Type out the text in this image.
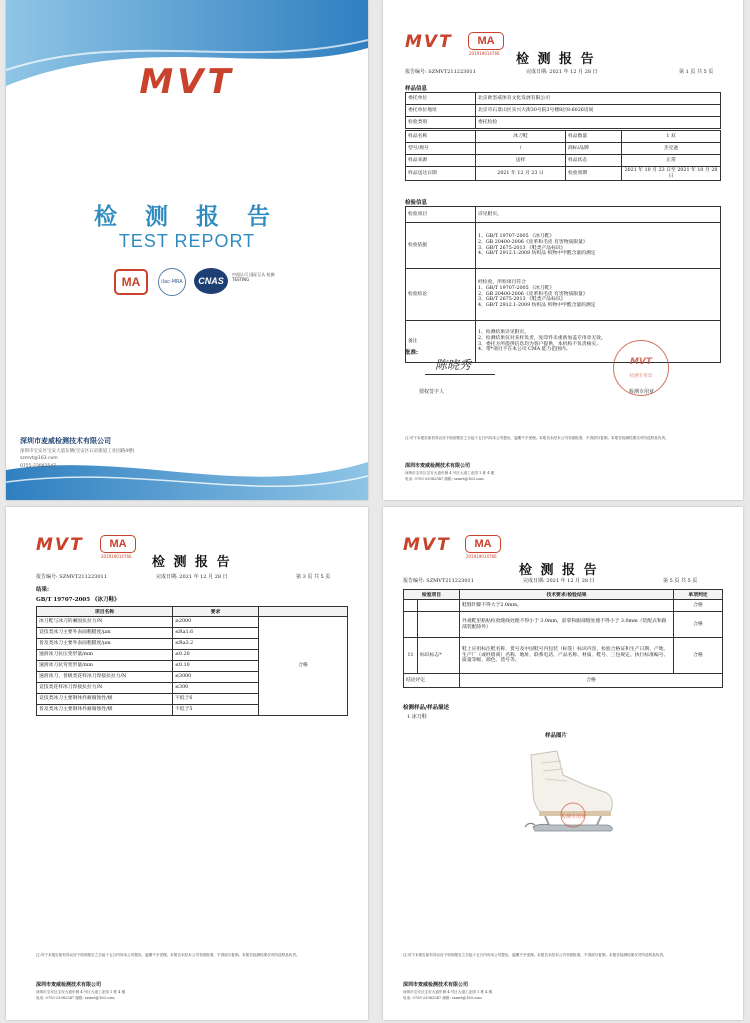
MVT
检 测 报 告
TEST REPORT
MA	ilac-MRA	CNAS
中国认可 国际互认 检测 TESTING
深圳市麦威检测技术有限公司
深圳市宝安区宝安大道东侧(宝安区石岩街道工业园路4楼)
szmvt@163.com
0755-23082547
MVT	MA
201919014766 检 测 报 告
报告编号: SZMVT211223011	完成日期: 2021 年 12 月 28 日	第 1 页 共 5 页
样品信息
委托单位	北京欧坚威体育文化发展有限公司
委托单位地址	北京市石景山区实兴大街30号院3号楼8层8-6026房间
检验类别	委托检验
样品名称	冰刀鞋	样品数量	1 双
型号/规号	/	商标/品牌	杰克逊
样品来源	送样	样品状态	正常
样品送达日期	2021 年 12 月 23 日	检验周期	2021 年 10 月 23 日至 2021 年 10 月 28 日
检验信息
检验项目	详见附页。
检验依据	1、GB/T 19707-2005 《冰刀鞋》
2、GB 20400-2006《皮革和毛皮 有害物质限量》
3、GB/T 2675-2013 《鞋类产品标识》
4、GB/T 2912.1-2009 纺织品 织物中甲醛含量的测定

检验结论	经检验，所检项目符合
1、GB/T 19707-2005 《冰刀鞋》
2、GB 20400-2006《皮革和毛皮 有害物质限量》
3、GB/T 2675-2013 《鞋类产品标识》
4、GB/T 2912.1-2009 纺织品 织物中甲醛含量的测定

备注	1、检测结果详见附页。
2、检测结果仅对来样负责，复印件未重新加盖专用章无效。
3、委托方所提供信息均为客户提供，本机构不负责核实。
4、带*项目不在本公司 CMA 能力范围内。
批准:
陈晓秀
授权签字人
MVT
检测专用章
检测专用章
注:对于本报告如有异议应于收到报告之日起十五日内向本公司提出，逾期不予受理。本报告未经本公司书面批准，不得部分复制。本报告检测结果仅对所送样品负责。
深圳市麦威检测技术有限公司
深圳市宝安区宝安大道东侧 4 号区大道工业园 1 栋 4 楼
电话: 0755-23082547 邮箱: szmvt@163.com
MVT	MA
201919014766 检 测 报 告
报告编号: SZMVT211223011	完成日期: 2021 年 12 月 28 日	第 3 页 共 5 页
结果:
GB/T 19707-2005 《冰刀鞋》
项目名称	要求	
冰刀鞋与冰刀的紧固抗拉力/N	≥2000	合格
竞技类冰刀主要外表面粗糙度/μm	≤Ra1.6	
普及类冰刀主要外表面粗糙度/μm	≤Ra3.2	
速滑冰刀抗压变形量/mm	≤0.20	
速滑冰刀抗弯变形量/mm	≤0.10	
速滑冰刀、普级类花样冰刀焊接抗拉力/N	≤3000	
竞技类花样冰刀焊接抗拉力/N	≤300	
竞技类冰刀主要钢体件耐腐蚀性/级	不低于6	
普及类冰刀主要钢体件耐腐蚀性/级	不低于5	
注:对于本报告如有异议应于收到报告之日起十五日内向本公司提出，逾期不予受理。本报告未经本公司书面批准，不得部分复制。本报告检测结果仅对所送样品负责。
深圳市麦威检测技术有限公司
深圳市宝安区宝安大道东侧 4 号区大道工业园 1 栋 4 楼
电话: 0755-23082547 邮箱: szmvt@163.com
MVT	MA
201919014766
检 测 报 告
报告编号: SZMVT211223011	完成日期: 2021 年 12 月 28 日	第 5 页 共 5 页
检验项目		技术要求/检验结果	单项判定
		鞋缝针脚不得大于2.0mm。	合格
		外观鞋里粘贴检验缝线处理不得小于 3.0mm，前掌和跟部缝处理不得小于 3.0mm（装配式和跟部装配除外）	合格
11	标识标志*	鞋上应用标注鞋名称、货号及中国鞋号内包装（标签）标识内容，检验合格证和生产日期、产地、生产厂（或经销商）名称、地址、联系电话、产品名称、材质、鞋号、三包规定、执行标准编号、质量等级、颜色、货号等。	合格
结论评定		合格	
检测样品/样品描述
1 冰刀鞋
样品图片
检测专用章
注:对于本报告如有异议应于收到报告之日起十五日内向本公司提出，逾期不予受理。本报告未经本公司书面批准，不得部分复制。本报告检测结果仅对所送样品负责。
深圳市麦威检测技术有限公司
深圳市宝安区宝安大道东侧 4 号区大道工业园 1 栋 4 楼
电话: 0755-23082547 邮箱: szmvt@163.com
